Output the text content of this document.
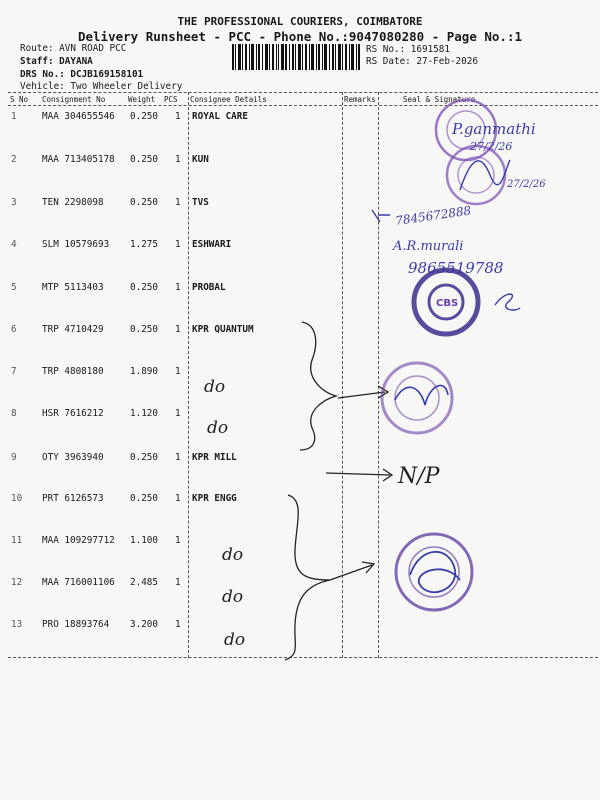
THE PROFESSIONAL COURIERS, COIMBATORE
Delivery Runsheet - PCC - Phone No.:9047080280 - Page No.:1
Route: AVN ROAD PCC
Staff: DAYANA
DRS No.: DCJB169158101
Vehicle: Two Wheeler Delivery
RS No.: 1691581
RS Date: 27-Feb-2026
S No Consignment No	Weight PCS Consignee Details	Remarks	Seal & Signature
1	MAA 304655546 0.250 1 ROYAL CARE
2	MAA 713405178 0.250 1 KUN
3	TEN 2298098	0.250 1 TVS
4	SLM 10579693 1.275 1 ESHWARI
5	MTP 5113403	0.250 1 PROBAL
6	TRP 4710429	0.250 1 KPR QUANTUM
7	TRP 4808180	1.890 1
8	HSR 7616212	1.120 1
9	OTY 3963940	0.250 1 KPR MILL
10 PRT 6126573	0.250 1 KPR ENGG
11 MAA 109297712 1.100 1
12 MAA 716001106 2.485 1
13 PRO 18893764 3.200 1
P.ganmathi
27/2/26
27/2/26
7845672888
A.R.murali
9865519788
CBS
do
do
N/P
do
do
do
